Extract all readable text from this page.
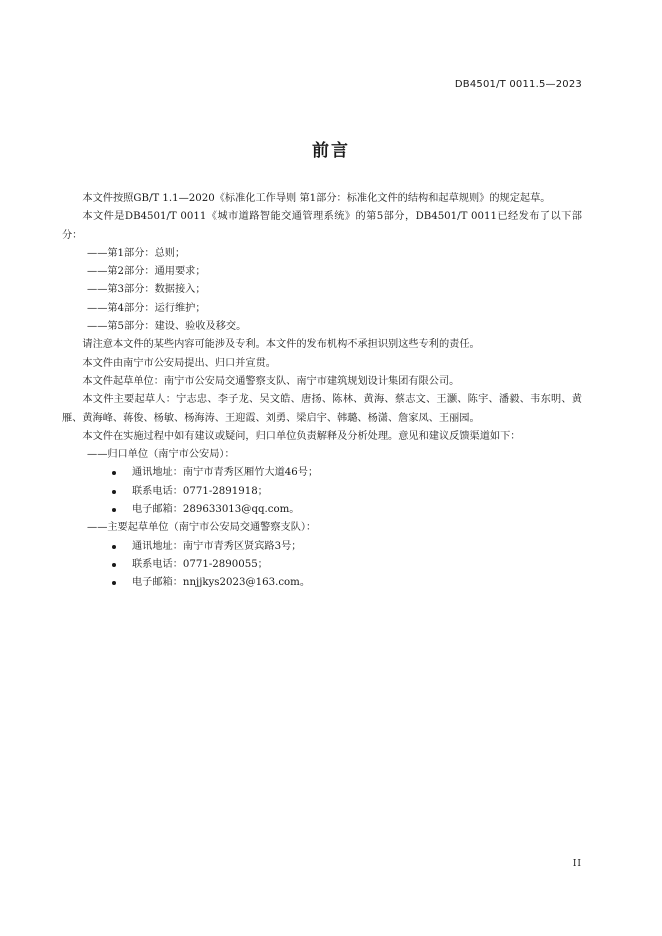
DB4501/T 0011.5—2023
前言

本文件按照GB/T 1.1—2020《标准化工作导则 第1部分：标准化文件的结构和起草规则》的规定起草。

本文件是DB4501/T 0011《城市道路智能交通管理系统》的第5部分，DB4501/T 0011已经发布了以下部分：

——第1部分：总则；

——第2部分：通用要求；

——第3部分：数据接入；

——第4部分：运行维护；

——第5部分：建设、验收及移交。

请注意本文件的某些内容可能涉及专利。本文件的发布机构不承担识别这些专利的责任。

本文件由南宁市公安局提出、归口并宣贯。

本文件起草单位：南宁市公安局交通警察支队、南宁市建筑规划设计集团有限公司。

本文件主要起草人：宁志忠、李子龙、吴文皓、唐扬、陈林、黄海、蔡志文、王灏、陈宇、潘毅、韦东明、黄雁、黄海峰、蒋俊、杨敏、杨海涛、王迎霞、刘勇、梁启宇、韩璐、杨潇、詹家凤、王丽园。

本文件在实施过程中如有建议或疑问，归口单位负责解释及分析处理。意见和建议反馈渠道如下：

——归口单位（南宁市公安局）：

通讯地址：南宁市青秀区厢竹大道46号；

联系电话：0771-2891918；

电子邮箱：289633013@qq.com。

——主要起草单位（南宁市公安局交通警察支队）：

通讯地址：南宁市青秀区贤宾路3号；

联系电话：0771-2890055；

电子邮箱：nnjjkys2023@163.com。

II
